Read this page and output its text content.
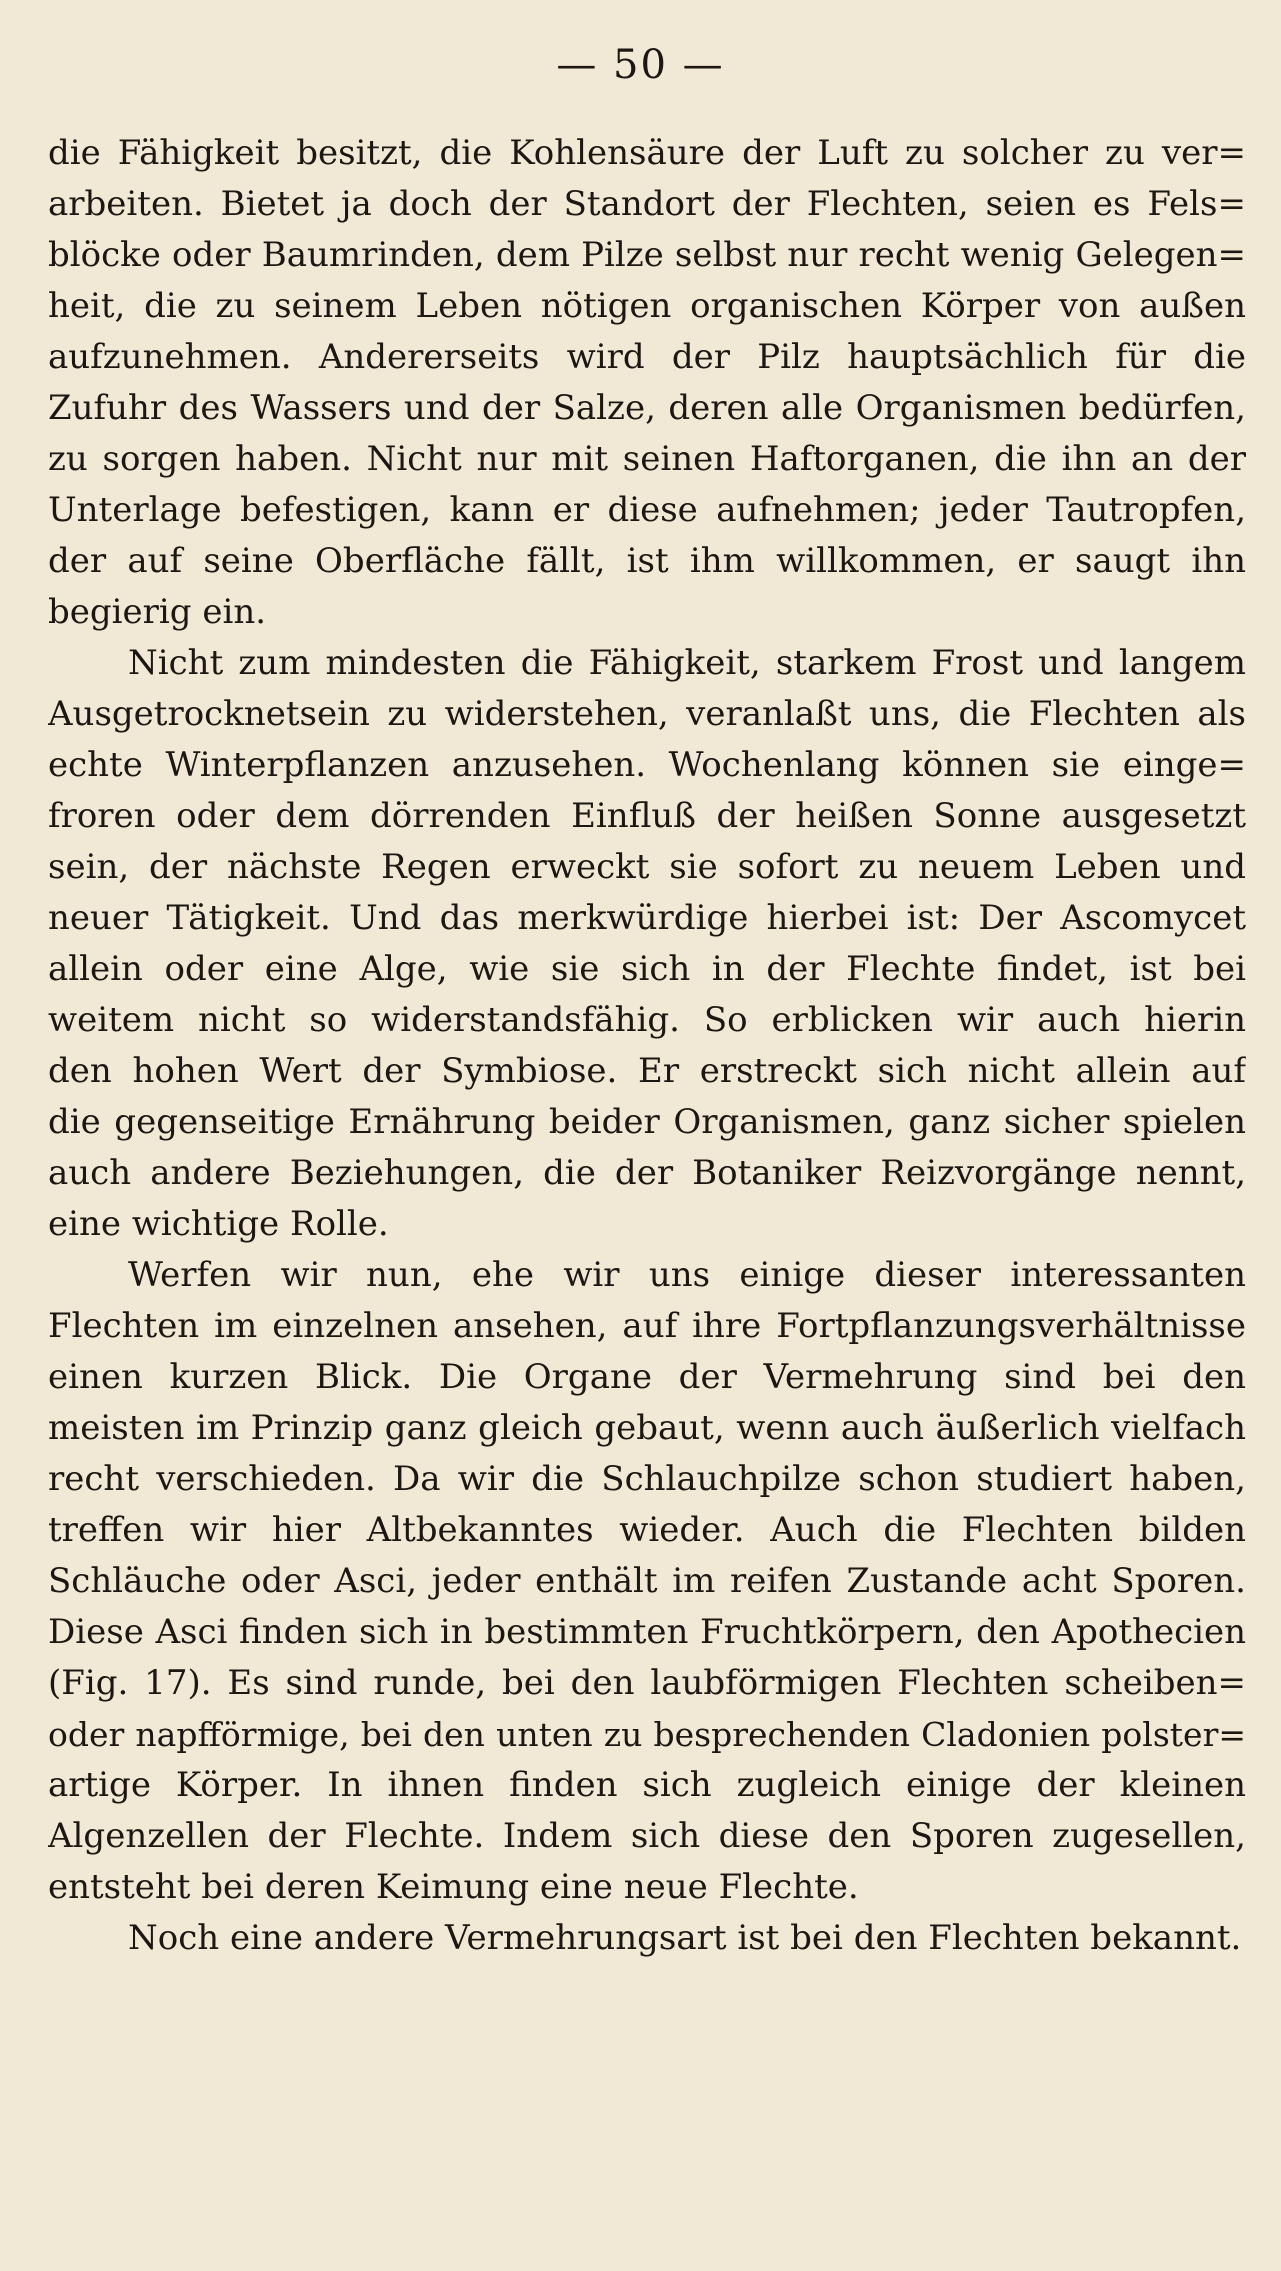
— 50 —
die Fähigkeit besitzt, die Kohlensäure der Luft zu solcher zu ver=
arbeiten. Bietet ja doch der Standort der Flechten, seien es Fels=
blöcke oder Baumrinden, dem Pilze selbst nur recht wenig Gelegen=
heit, die zu seinem Leben nötigen organischen Körper von außen
aufzunehmen. Andererseits wird der Pilz hauptsächlich für die
Zufuhr des Wassers und der Salze, deren alle Organismen bedürfen,
zu sorgen haben. Nicht nur mit seinen Haftorganen, die ihn an der
Unterlage befestigen, kann er diese aufnehmen; jeder Tautropfen,
der auf seine Oberfläche fällt, ist ihm willkommen, er saugt ihn
begierig ein.
Nicht zum mindesten die Fähigkeit, starkem Frost und langem
Ausgetrocknetsein zu widerstehen, veranlaßt uns, die Flechten als
echte Winterpflanzen anzusehen. Wochenlang können sie einge=
froren oder dem dörrenden Einfluß der heißen Sonne ausgesetzt
sein, der nächste Regen erweckt sie sofort zu neuem Leben und
neuer Tätigkeit. Und das merkwürdige hierbei ist: Der Ascomycet
allein oder eine Alge, wie sie sich in der Flechte findet, ist bei
weitem nicht so widerstandsfähig. So erblicken wir auch hierin
den hohen Wert der Symbiose. Er erstreckt sich nicht allein auf
die gegenseitige Ernährung beider Organismen, ganz sicher spielen
auch andere Beziehungen, die der Botaniker Reizvorgänge nennt,
eine wichtige Rolle.
Werfen wir nun, ehe wir uns einige dieser interessanten
Flechten im einzelnen ansehen, auf ihre Fortpflanzungsverhältnisse
einen kurzen Blick. Die Organe der Vermehrung sind bei den
meisten im Prinzip ganz gleich gebaut, wenn auch äußerlich vielfach
recht verschieden. Da wir die Schlauchpilze schon studiert haben,
treffen wir hier Altbekanntes wieder. Auch die Flechten bilden
Schläuche oder Asci, jeder enthält im reifen Zustande acht Sporen.
Diese Asci finden sich in bestimmten Fruchtkörpern, den Apothecien
(Fig. 17). Es sind runde, bei den laubförmigen Flechten scheiben=
oder napfförmige, bei den unten zu besprechenden Cladonien polster=
artige Körper. In ihnen finden sich zugleich einige der kleinen
Algenzellen der Flechte. Indem sich diese den Sporen zugesellen,
entsteht bei deren Keimung eine neue Flechte.
Noch eine andere Vermehrungsart ist bei den Flechten bekannt.
